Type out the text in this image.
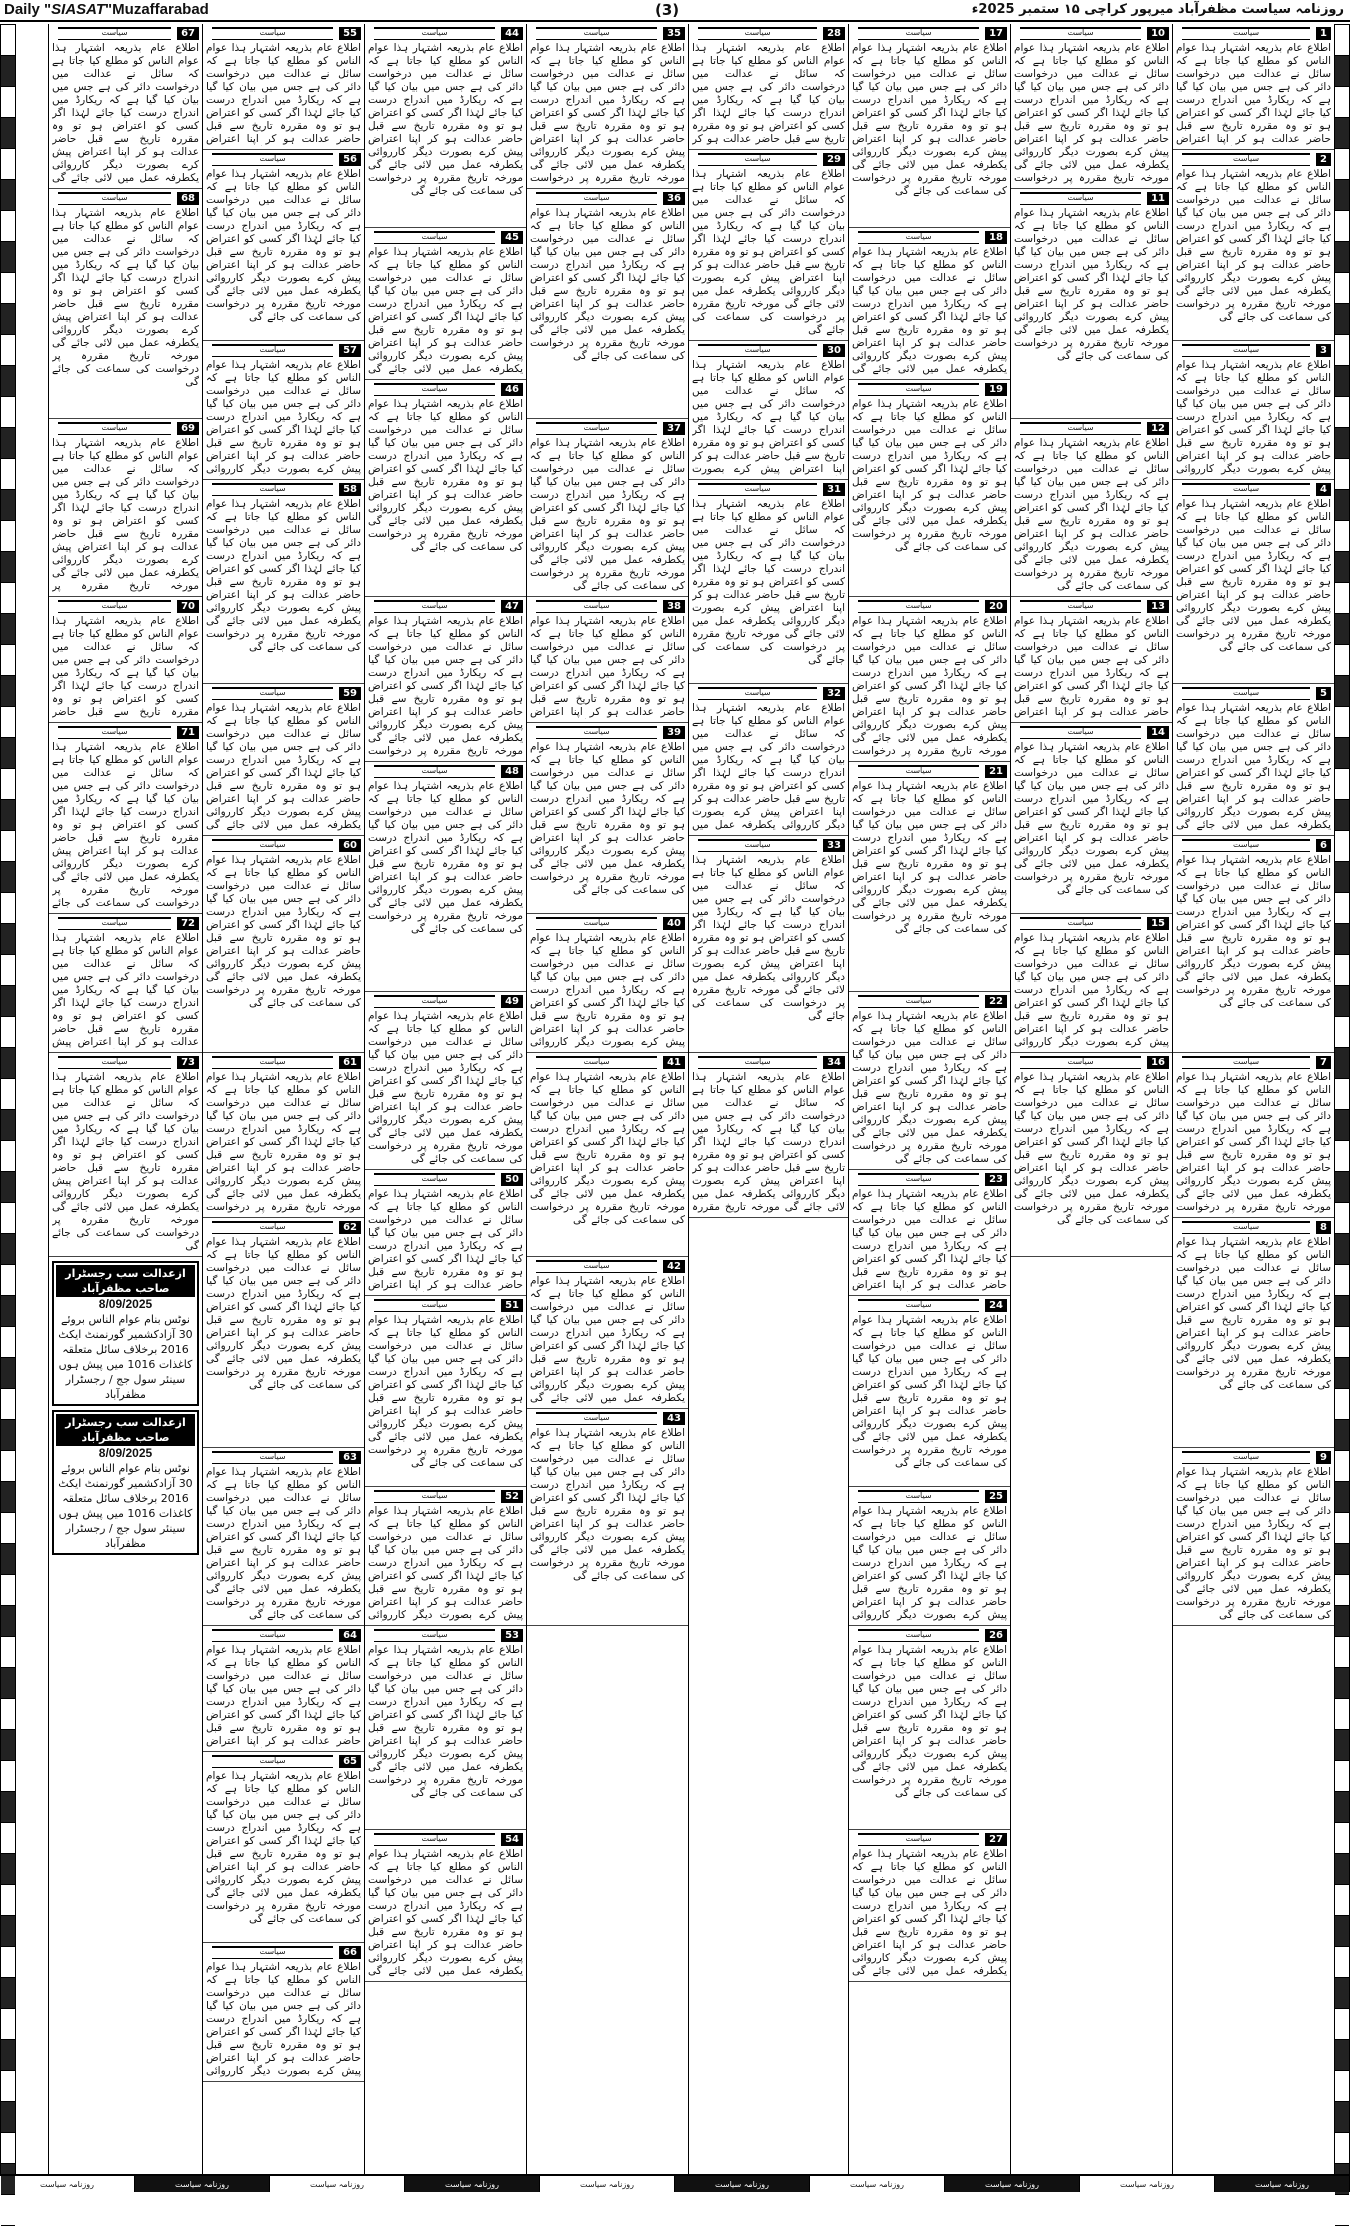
Daily "SIASAT"Muzaffarabad	(3)	روزنامہ سیاست مظفرآباد میرپور کراچی ۱۵ ستمبر 2025ء
1
سیاست
اطلاع عام بذریعہ اشتہار ہذا عوام الناس کو مطلع کیا جاتا ہے کہ سائل نے عدالت میں درخواست دائر کی ہے جس میں بیان کیا گیا ہے کہ ریکارڈ میں اندراج درست کیا جائے لہٰذا اگر کسی کو اعتراض ہو تو وہ مقررہ تاریخ سے قبل حاضر عدالت ہو کر اپنا اعتراض
2
سیاست
اطلاع عام بذریعہ اشتہار ہذا عوام الناس کو مطلع کیا جاتا ہے کہ سائل نے عدالت میں درخواست دائر کی ہے جس میں بیان کیا گیا ہے کہ ریکارڈ میں اندراج درست کیا جائے لہٰذا اگر کسی کو اعتراض ہو تو وہ مقررہ تاریخ سے قبل حاضر عدالت ہو کر اپنا اعتراض پیش کرے بصورت دیگر کارروائی یکطرفہ عمل میں لائی جائے گی مورخہ تاریخ مقررہ پر درخواست کی سماعت کی جائے گی
3
سیاست
اطلاع عام بذریعہ اشتہار ہذا عوام الناس کو مطلع کیا جاتا ہے کہ سائل نے عدالت میں درخواست دائر کی ہے جس میں بیان کیا گیا ہے کہ ریکارڈ میں اندراج درست کیا جائے لہٰذا اگر کسی کو اعتراض ہو تو وہ مقررہ تاریخ سے قبل حاضر عدالت ہو کر اپنا اعتراض پیش کرے بصورت دیگر کارروائی
4
سیاست
اطلاع عام بذریعہ اشتہار ہذا عوام الناس کو مطلع کیا جاتا ہے کہ سائل نے عدالت میں درخواست دائر کی ہے جس میں بیان کیا گیا ہے کہ ریکارڈ میں اندراج درست کیا جائے لہٰذا اگر کسی کو اعتراض ہو تو وہ مقررہ تاریخ سے قبل حاضر عدالت ہو کر اپنا اعتراض پیش کرے بصورت دیگر کارروائی یکطرفہ عمل میں لائی جائے گی مورخہ تاریخ مقررہ پر درخواست کی سماعت کی جائے گی
5
سیاست
اطلاع عام بذریعہ اشتہار ہذا عوام الناس کو مطلع کیا جاتا ہے کہ سائل نے عدالت میں درخواست دائر کی ہے جس میں بیان کیا گیا ہے کہ ریکارڈ میں اندراج درست کیا جائے لہٰذا اگر کسی کو اعتراض ہو تو وہ مقررہ تاریخ سے قبل حاضر عدالت ہو کر اپنا اعتراض پیش کرے بصورت دیگر کارروائی یکطرفہ عمل میں لائی جائے گی
6
سیاست
اطلاع عام بذریعہ اشتہار ہذا عوام الناس کو مطلع کیا جاتا ہے کہ سائل نے عدالت میں درخواست دائر کی ہے جس میں بیان کیا گیا ہے کہ ریکارڈ میں اندراج درست کیا جائے لہٰذا اگر کسی کو اعتراض ہو تو وہ مقررہ تاریخ سے قبل حاضر عدالت ہو کر اپنا اعتراض پیش کرے بصورت دیگر کارروائی یکطرفہ عمل میں لائی جائے گی مورخہ تاریخ مقررہ پر درخواست کی سماعت کی جائے گی
7
سیاست
اطلاع عام بذریعہ اشتہار ہذا عوام الناس کو مطلع کیا جاتا ہے کہ سائل نے عدالت میں درخواست دائر کی ہے جس میں بیان کیا گیا ہے کہ ریکارڈ میں اندراج درست کیا جائے لہٰذا اگر کسی کو اعتراض ہو تو وہ مقررہ تاریخ سے قبل حاضر عدالت ہو کر اپنا اعتراض پیش کرے بصورت دیگر کارروائی یکطرفہ عمل میں لائی جائے گی مورخہ تاریخ مقررہ پر درخواست
8
سیاست
اطلاع عام بذریعہ اشتہار ہذا عوام الناس کو مطلع کیا جاتا ہے کہ سائل نے عدالت میں درخواست دائر کی ہے جس میں بیان کیا گیا ہے کہ ریکارڈ میں اندراج درست کیا جائے لہٰذا اگر کسی کو اعتراض ہو تو وہ مقررہ تاریخ سے قبل حاضر عدالت ہو کر اپنا اعتراض پیش کرے بصورت دیگر کارروائی یکطرفہ عمل میں لائی جائے گی مورخہ تاریخ مقررہ پر درخواست کی سماعت کی جائے گی
9
سیاست
اطلاع عام بذریعہ اشتہار ہذا عوام الناس کو مطلع کیا جاتا ہے کہ سائل نے عدالت میں درخواست دائر کی ہے جس میں بیان کیا گیا ہے کہ ریکارڈ میں اندراج درست کیا جائے لہٰذا اگر کسی کو اعتراض ہو تو وہ مقررہ تاریخ سے قبل حاضر عدالت ہو کر اپنا اعتراض پیش کرے بصورت دیگر کارروائی یکطرفہ عمل میں لائی جائے گی مورخہ تاریخ مقررہ پر درخواست کی سماعت کی جائے گی
10
سیاست
اطلاع عام بذریعہ اشتہار ہذا عوام الناس کو مطلع کیا جاتا ہے کہ سائل نے عدالت میں درخواست دائر کی ہے جس میں بیان کیا گیا ہے کہ ریکارڈ میں اندراج درست کیا جائے لہٰذا اگر کسی کو اعتراض ہو تو وہ مقررہ تاریخ سے قبل حاضر عدالت ہو کر اپنا اعتراض پیش کرے بصورت دیگر کارروائی یکطرفہ عمل میں لائی جائے گی مورخہ تاریخ مقررہ پر درخواست
11
سیاست
اطلاع عام بذریعہ اشتہار ہذا عوام الناس کو مطلع کیا جاتا ہے کہ سائل نے عدالت میں درخواست دائر کی ہے جس میں بیان کیا گیا ہے کہ ریکارڈ میں اندراج درست کیا جائے لہٰذا اگر کسی کو اعتراض ہو تو وہ مقررہ تاریخ سے قبل حاضر عدالت ہو کر اپنا اعتراض پیش کرے بصورت دیگر کارروائی یکطرفہ عمل میں لائی جائے گی مورخہ تاریخ مقررہ پر درخواست کی سماعت کی جائے گی
12
سیاست
اطلاع عام بذریعہ اشتہار ہذا عوام الناس کو مطلع کیا جاتا ہے کہ سائل نے عدالت میں درخواست دائر کی ہے جس میں بیان کیا گیا ہے کہ ریکارڈ میں اندراج درست کیا جائے لہٰذا اگر کسی کو اعتراض ہو تو وہ مقررہ تاریخ سے قبل حاضر عدالت ہو کر اپنا اعتراض پیش کرے بصورت دیگر کارروائی یکطرفہ عمل میں لائی جائے گی مورخہ تاریخ مقررہ پر درخواست کی سماعت کی جائے گی
13
سیاست
اطلاع عام بذریعہ اشتہار ہذا عوام الناس کو مطلع کیا جاتا ہے کہ سائل نے عدالت میں درخواست دائر کی ہے جس میں بیان کیا گیا ہے کہ ریکارڈ میں اندراج درست کیا جائے لہٰذا اگر کسی کو اعتراض ہو تو وہ مقررہ تاریخ سے قبل حاضر عدالت ہو کر اپنا اعتراض
14
سیاست
اطلاع عام بذریعہ اشتہار ہذا عوام الناس کو مطلع کیا جاتا ہے کہ سائل نے عدالت میں درخواست دائر کی ہے جس میں بیان کیا گیا ہے کہ ریکارڈ میں اندراج درست کیا جائے لہٰذا اگر کسی کو اعتراض ہو تو وہ مقررہ تاریخ سے قبل حاضر عدالت ہو کر اپنا اعتراض پیش کرے بصورت دیگر کارروائی یکطرفہ عمل میں لائی جائے گی مورخہ تاریخ مقررہ پر درخواست کی سماعت کی جائے گی
15
سیاست
اطلاع عام بذریعہ اشتہار ہذا عوام الناس کو مطلع کیا جاتا ہے کہ سائل نے عدالت میں درخواست دائر کی ہے جس میں بیان کیا گیا ہے کہ ریکارڈ میں اندراج درست کیا جائے لہٰذا اگر کسی کو اعتراض ہو تو وہ مقررہ تاریخ سے قبل حاضر عدالت ہو کر اپنا اعتراض پیش کرے بصورت دیگر کارروائی
16
سیاست
اطلاع عام بذریعہ اشتہار ہذا عوام الناس کو مطلع کیا جاتا ہے کہ سائل نے عدالت میں درخواست دائر کی ہے جس میں بیان کیا گیا ہے کہ ریکارڈ میں اندراج درست کیا جائے لہٰذا اگر کسی کو اعتراض ہو تو وہ مقررہ تاریخ سے قبل حاضر عدالت ہو کر اپنا اعتراض پیش کرے بصورت دیگر کارروائی یکطرفہ عمل میں لائی جائے گی مورخہ تاریخ مقررہ پر درخواست کی سماعت کی جائے گی
17
سیاست
اطلاع عام بذریعہ اشتہار ہذا عوام الناس کو مطلع کیا جاتا ہے کہ سائل نے عدالت میں درخواست دائر کی ہے جس میں بیان کیا گیا ہے کہ ریکارڈ میں اندراج درست کیا جائے لہٰذا اگر کسی کو اعتراض ہو تو وہ مقررہ تاریخ سے قبل حاضر عدالت ہو کر اپنا اعتراض پیش کرے بصورت دیگر کارروائی یکطرفہ عمل میں لائی جائے گی مورخہ تاریخ مقررہ پر درخواست کی سماعت کی جائے گی
18
سیاست
اطلاع عام بذریعہ اشتہار ہذا عوام الناس کو مطلع کیا جاتا ہے کہ سائل نے عدالت میں درخواست دائر کی ہے جس میں بیان کیا گیا ہے کہ ریکارڈ میں اندراج درست کیا جائے لہٰذا اگر کسی کو اعتراض ہو تو وہ مقررہ تاریخ سے قبل حاضر عدالت ہو کر اپنا اعتراض پیش کرے بصورت دیگر کارروائی یکطرفہ عمل میں لائی جائے گی
19
سیاست
اطلاع عام بذریعہ اشتہار ہذا عوام الناس کو مطلع کیا جاتا ہے کہ سائل نے عدالت میں درخواست دائر کی ہے جس میں بیان کیا گیا ہے کہ ریکارڈ میں اندراج درست کیا جائے لہٰذا اگر کسی کو اعتراض ہو تو وہ مقررہ تاریخ سے قبل حاضر عدالت ہو کر اپنا اعتراض پیش کرے بصورت دیگر کارروائی یکطرفہ عمل میں لائی جائے گی مورخہ تاریخ مقررہ پر درخواست کی سماعت کی جائے گی
20
سیاست
اطلاع عام بذریعہ اشتہار ہذا عوام الناس کو مطلع کیا جاتا ہے کہ سائل نے عدالت میں درخواست دائر کی ہے جس میں بیان کیا گیا ہے کہ ریکارڈ میں اندراج درست کیا جائے لہٰذا اگر کسی کو اعتراض ہو تو وہ مقررہ تاریخ سے قبل حاضر عدالت ہو کر اپنا اعتراض پیش کرے بصورت دیگر کارروائی یکطرفہ عمل میں لائی جائے گی مورخہ تاریخ مقررہ پر درخواست
21
سیاست
اطلاع عام بذریعہ اشتہار ہذا عوام الناس کو مطلع کیا جاتا ہے کہ سائل نے عدالت میں درخواست دائر کی ہے جس میں بیان کیا گیا ہے کہ ریکارڈ میں اندراج درست کیا جائے لہٰذا اگر کسی کو اعتراض ہو تو وہ مقررہ تاریخ سے قبل حاضر عدالت ہو کر اپنا اعتراض پیش کرے بصورت دیگر کارروائی یکطرفہ عمل میں لائی جائے گی مورخہ تاریخ مقررہ پر درخواست کی سماعت کی جائے گی
22
سیاست
اطلاع عام بذریعہ اشتہار ہذا عوام الناس کو مطلع کیا جاتا ہے کہ سائل نے عدالت میں درخواست دائر کی ہے جس میں بیان کیا گیا ہے کہ ریکارڈ میں اندراج درست کیا جائے لہٰذا اگر کسی کو اعتراض ہو تو وہ مقررہ تاریخ سے قبل حاضر عدالت ہو کر اپنا اعتراض پیش کرے بصورت دیگر کارروائی یکطرفہ عمل میں لائی جائے گی مورخہ تاریخ مقررہ پر درخواست کی سماعت کی جائے گی
23
سیاست
اطلاع عام بذریعہ اشتہار ہذا عوام الناس کو مطلع کیا جاتا ہے کہ سائل نے عدالت میں درخواست دائر کی ہے جس میں بیان کیا گیا ہے کہ ریکارڈ میں اندراج درست کیا جائے لہٰذا اگر کسی کو اعتراض ہو تو وہ مقررہ تاریخ سے قبل حاضر عدالت ہو کر اپنا اعتراض
24
سیاست
اطلاع عام بذریعہ اشتہار ہذا عوام الناس کو مطلع کیا جاتا ہے کہ سائل نے عدالت میں درخواست دائر کی ہے جس میں بیان کیا گیا ہے کہ ریکارڈ میں اندراج درست کیا جائے لہٰذا اگر کسی کو اعتراض ہو تو وہ مقررہ تاریخ سے قبل حاضر عدالت ہو کر اپنا اعتراض پیش کرے بصورت دیگر کارروائی یکطرفہ عمل میں لائی جائے گی مورخہ تاریخ مقررہ پر درخواست کی سماعت کی جائے گی
25
سیاست
اطلاع عام بذریعہ اشتہار ہذا عوام الناس کو مطلع کیا جاتا ہے کہ سائل نے عدالت میں درخواست دائر کی ہے جس میں بیان کیا گیا ہے کہ ریکارڈ میں اندراج درست کیا جائے لہٰذا اگر کسی کو اعتراض ہو تو وہ مقررہ تاریخ سے قبل حاضر عدالت ہو کر اپنا اعتراض پیش کرے بصورت دیگر کارروائی
26
سیاست
اطلاع عام بذریعہ اشتہار ہذا عوام الناس کو مطلع کیا جاتا ہے کہ سائل نے عدالت میں درخواست دائر کی ہے جس میں بیان کیا گیا ہے کہ ریکارڈ میں اندراج درست کیا جائے لہٰذا اگر کسی کو اعتراض ہو تو وہ مقررہ تاریخ سے قبل حاضر عدالت ہو کر اپنا اعتراض پیش کرے بصورت دیگر کارروائی یکطرفہ عمل میں لائی جائے گی مورخہ تاریخ مقررہ پر درخواست کی سماعت کی جائے گی
27
سیاست
اطلاع عام بذریعہ اشتہار ہذا عوام الناس کو مطلع کیا جاتا ہے کہ سائل نے عدالت میں درخواست دائر کی ہے جس میں بیان کیا گیا ہے کہ ریکارڈ میں اندراج درست کیا جائے لہٰذا اگر کسی کو اعتراض ہو تو وہ مقررہ تاریخ سے قبل حاضر عدالت ہو کر اپنا اعتراض پیش کرے بصورت دیگر کارروائی یکطرفہ عمل میں لائی جائے گی
28
سیاست
اطلاع عام بذریعہ اشتہار ہذا عوام الناس کو مطلع کیا جاتا ہے کہ سائل نے عدالت میں درخواست دائر کی ہے جس میں بیان کیا گیا ہے کہ ریکارڈ میں اندراج درست کیا جائے لہٰذا اگر کسی کو اعتراض ہو تو وہ مقررہ تاریخ سے قبل حاضر عدالت ہو کر
29
سیاست
اطلاع عام بذریعہ اشتہار ہذا عوام الناس کو مطلع کیا جاتا ہے کہ سائل نے عدالت میں درخواست دائر کی ہے جس میں بیان کیا گیا ہے کہ ریکارڈ میں اندراج درست کیا جائے لہٰذا اگر کسی کو اعتراض ہو تو وہ مقررہ تاریخ سے قبل حاضر عدالت ہو کر اپنا اعتراض پیش کرے بصورت دیگر کارروائی یکطرفہ عمل میں لائی جائے گی مورخہ تاریخ مقررہ پر درخواست کی سماعت کی جائے گی
30
سیاست
اطلاع عام بذریعہ اشتہار ہذا عوام الناس کو مطلع کیا جاتا ہے کہ سائل نے عدالت میں درخواست دائر کی ہے جس میں بیان کیا گیا ہے کہ ریکارڈ میں اندراج درست کیا جائے لہٰذا اگر کسی کو اعتراض ہو تو وہ مقررہ تاریخ سے قبل حاضر عدالت ہو کر اپنا اعتراض پیش کرے بصورت
31
سیاست
اطلاع عام بذریعہ اشتہار ہذا عوام الناس کو مطلع کیا جاتا ہے کہ سائل نے عدالت میں درخواست دائر کی ہے جس میں بیان کیا گیا ہے کہ ریکارڈ میں اندراج درست کیا جائے لہٰذا اگر کسی کو اعتراض ہو تو وہ مقررہ تاریخ سے قبل حاضر عدالت ہو کر اپنا اعتراض پیش کرے بصورت دیگر کارروائی یکطرفہ عمل میں لائی جائے گی مورخہ تاریخ مقررہ پر درخواست کی سماعت کی جائے گی
32
سیاست
اطلاع عام بذریعہ اشتہار ہذا عوام الناس کو مطلع کیا جاتا ہے کہ سائل نے عدالت میں درخواست دائر کی ہے جس میں بیان کیا گیا ہے کہ ریکارڈ میں اندراج درست کیا جائے لہٰذا اگر کسی کو اعتراض ہو تو وہ مقررہ تاریخ سے قبل حاضر عدالت ہو کر اپنا اعتراض پیش کرے بصورت دیگر کارروائی یکطرفہ عمل میں
33
سیاست
اطلاع عام بذریعہ اشتہار ہذا عوام الناس کو مطلع کیا جاتا ہے کہ سائل نے عدالت میں درخواست دائر کی ہے جس میں بیان کیا گیا ہے کہ ریکارڈ میں اندراج درست کیا جائے لہٰذا اگر کسی کو اعتراض ہو تو وہ مقررہ تاریخ سے قبل حاضر عدالت ہو کر اپنا اعتراض پیش کرے بصورت دیگر کارروائی یکطرفہ عمل میں لائی جائے گی مورخہ تاریخ مقررہ پر درخواست کی سماعت کی جائے گی
34
سیاست
اطلاع عام بذریعہ اشتہار ہذا عوام الناس کو مطلع کیا جاتا ہے کہ سائل نے عدالت میں درخواست دائر کی ہے جس میں بیان کیا گیا ہے کہ ریکارڈ میں اندراج درست کیا جائے لہٰذا اگر کسی کو اعتراض ہو تو وہ مقررہ تاریخ سے قبل حاضر عدالت ہو کر اپنا اعتراض پیش کرے بصورت دیگر کارروائی یکطرفہ عمل میں لائی جائے گی مورخہ تاریخ مقررہ
35
سیاست
اطلاع عام بذریعہ اشتہار ہذا عوام الناس کو مطلع کیا جاتا ہے کہ سائل نے عدالت میں درخواست دائر کی ہے جس میں بیان کیا گیا ہے کہ ریکارڈ میں اندراج درست کیا جائے لہٰذا اگر کسی کو اعتراض ہو تو وہ مقررہ تاریخ سے قبل حاضر عدالت ہو کر اپنا اعتراض پیش کرے بصورت دیگر کارروائی یکطرفہ عمل میں لائی جائے گی مورخہ تاریخ مقررہ پر درخواست
36
سیاست
اطلاع عام بذریعہ اشتہار ہذا عوام الناس کو مطلع کیا جاتا ہے کہ سائل نے عدالت میں درخواست دائر کی ہے جس میں بیان کیا گیا ہے کہ ریکارڈ میں اندراج درست کیا جائے لہٰذا اگر کسی کو اعتراض ہو تو وہ مقررہ تاریخ سے قبل حاضر عدالت ہو کر اپنا اعتراض پیش کرے بصورت دیگر کارروائی یکطرفہ عمل میں لائی جائے گی مورخہ تاریخ مقررہ پر درخواست کی سماعت کی جائے گی
37
سیاست
اطلاع عام بذریعہ اشتہار ہذا عوام الناس کو مطلع کیا جاتا ہے کہ سائل نے عدالت میں درخواست دائر کی ہے جس میں بیان کیا گیا ہے کہ ریکارڈ میں اندراج درست کیا جائے لہٰذا اگر کسی کو اعتراض ہو تو وہ مقررہ تاریخ سے قبل حاضر عدالت ہو کر اپنا اعتراض پیش کرے بصورت دیگر کارروائی یکطرفہ عمل میں لائی جائے گی مورخہ تاریخ مقررہ پر درخواست کی سماعت کی جائے گی
38
سیاست
اطلاع عام بذریعہ اشتہار ہذا عوام الناس کو مطلع کیا جاتا ہے کہ سائل نے عدالت میں درخواست دائر کی ہے جس میں بیان کیا گیا ہے کہ ریکارڈ میں اندراج درست کیا جائے لہٰذا اگر کسی کو اعتراض ہو تو وہ مقررہ تاریخ سے قبل حاضر عدالت ہو کر اپنا اعتراض
39
سیاست
اطلاع عام بذریعہ اشتہار ہذا عوام الناس کو مطلع کیا جاتا ہے کہ سائل نے عدالت میں درخواست دائر کی ہے جس میں بیان کیا گیا ہے کہ ریکارڈ میں اندراج درست کیا جائے لہٰذا اگر کسی کو اعتراض ہو تو وہ مقررہ تاریخ سے قبل حاضر عدالت ہو کر اپنا اعتراض پیش کرے بصورت دیگر کارروائی یکطرفہ عمل میں لائی جائے گی مورخہ تاریخ مقررہ پر درخواست کی سماعت کی جائے گی
40
سیاست
اطلاع عام بذریعہ اشتہار ہذا عوام الناس کو مطلع کیا جاتا ہے کہ سائل نے عدالت میں درخواست دائر کی ہے جس میں بیان کیا گیا ہے کہ ریکارڈ میں اندراج درست کیا جائے لہٰذا اگر کسی کو اعتراض ہو تو وہ مقررہ تاریخ سے قبل حاضر عدالت ہو کر اپنا اعتراض پیش کرے بصورت دیگر کارروائی
41
سیاست
اطلاع عام بذریعہ اشتہار ہذا عوام الناس کو مطلع کیا جاتا ہے کہ سائل نے عدالت میں درخواست دائر کی ہے جس میں بیان کیا گیا ہے کہ ریکارڈ میں اندراج درست کیا جائے لہٰذا اگر کسی کو اعتراض ہو تو وہ مقررہ تاریخ سے قبل حاضر عدالت ہو کر اپنا اعتراض پیش کرے بصورت دیگر کارروائی یکطرفہ عمل میں لائی جائے گی مورخہ تاریخ مقررہ پر درخواست کی سماعت کی جائے گی
42
سیاست
اطلاع عام بذریعہ اشتہار ہذا عوام الناس کو مطلع کیا جاتا ہے کہ سائل نے عدالت میں درخواست دائر کی ہے جس میں بیان کیا گیا ہے کہ ریکارڈ میں اندراج درست کیا جائے لہٰذا اگر کسی کو اعتراض ہو تو وہ مقررہ تاریخ سے قبل حاضر عدالت ہو کر اپنا اعتراض پیش کرے بصورت دیگر کارروائی یکطرفہ عمل میں لائی جائے گی
43
سیاست
اطلاع عام بذریعہ اشتہار ہذا عوام الناس کو مطلع کیا جاتا ہے کہ سائل نے عدالت میں درخواست دائر کی ہے جس میں بیان کیا گیا ہے کہ ریکارڈ میں اندراج درست کیا جائے لہٰذا اگر کسی کو اعتراض ہو تو وہ مقررہ تاریخ سے قبل حاضر عدالت ہو کر اپنا اعتراض پیش کرے بصورت دیگر کارروائی یکطرفہ عمل میں لائی جائے گی مورخہ تاریخ مقررہ پر درخواست کی سماعت کی جائے گی
44
سیاست
اطلاع عام بذریعہ اشتہار ہذا عوام الناس کو مطلع کیا جاتا ہے کہ سائل نے عدالت میں درخواست دائر کی ہے جس میں بیان کیا گیا ہے کہ ریکارڈ میں اندراج درست کیا جائے لہٰذا اگر کسی کو اعتراض ہو تو وہ مقررہ تاریخ سے قبل حاضر عدالت ہو کر اپنا اعتراض پیش کرے بصورت دیگر کارروائی یکطرفہ عمل میں لائی جائے گی مورخہ تاریخ مقررہ پر درخواست کی سماعت کی جائے گی
45
سیاست
اطلاع عام بذریعہ اشتہار ہذا عوام الناس کو مطلع کیا جاتا ہے کہ سائل نے عدالت میں درخواست دائر کی ہے جس میں بیان کیا گیا ہے کہ ریکارڈ میں اندراج درست کیا جائے لہٰذا اگر کسی کو اعتراض ہو تو وہ مقررہ تاریخ سے قبل حاضر عدالت ہو کر اپنا اعتراض پیش کرے بصورت دیگر کارروائی یکطرفہ عمل میں لائی جائے گی
46
سیاست
اطلاع عام بذریعہ اشتہار ہذا عوام الناس کو مطلع کیا جاتا ہے کہ سائل نے عدالت میں درخواست دائر کی ہے جس میں بیان کیا گیا ہے کہ ریکارڈ میں اندراج درست کیا جائے لہٰذا اگر کسی کو اعتراض ہو تو وہ مقررہ تاریخ سے قبل حاضر عدالت ہو کر اپنا اعتراض پیش کرے بصورت دیگر کارروائی یکطرفہ عمل میں لائی جائے گی مورخہ تاریخ مقررہ پر درخواست کی سماعت کی جائے گی
47
سیاست
اطلاع عام بذریعہ اشتہار ہذا عوام الناس کو مطلع کیا جاتا ہے کہ سائل نے عدالت میں درخواست دائر کی ہے جس میں بیان کیا گیا ہے کہ ریکارڈ میں اندراج درست کیا جائے لہٰذا اگر کسی کو اعتراض ہو تو وہ مقررہ تاریخ سے قبل حاضر عدالت ہو کر اپنا اعتراض پیش کرے بصورت دیگر کارروائی یکطرفہ عمل میں لائی جائے گی مورخہ تاریخ مقررہ پر درخواست
48
سیاست
اطلاع عام بذریعہ اشتہار ہذا عوام الناس کو مطلع کیا جاتا ہے کہ سائل نے عدالت میں درخواست دائر کی ہے جس میں بیان کیا گیا ہے کہ ریکارڈ میں اندراج درست کیا جائے لہٰذا اگر کسی کو اعتراض ہو تو وہ مقررہ تاریخ سے قبل حاضر عدالت ہو کر اپنا اعتراض پیش کرے بصورت دیگر کارروائی یکطرفہ عمل میں لائی جائے گی مورخہ تاریخ مقررہ پر درخواست کی سماعت کی جائے گی
49
سیاست
اطلاع عام بذریعہ اشتہار ہذا عوام الناس کو مطلع کیا جاتا ہے کہ سائل نے عدالت میں درخواست دائر کی ہے جس میں بیان کیا گیا ہے کہ ریکارڈ میں اندراج درست کیا جائے لہٰذا اگر کسی کو اعتراض ہو تو وہ مقررہ تاریخ سے قبل حاضر عدالت ہو کر اپنا اعتراض پیش کرے بصورت دیگر کارروائی یکطرفہ عمل میں لائی جائے گی مورخہ تاریخ مقررہ پر درخواست کی سماعت کی جائے گی
50
سیاست
اطلاع عام بذریعہ اشتہار ہذا عوام الناس کو مطلع کیا جاتا ہے کہ سائل نے عدالت میں درخواست دائر کی ہے جس میں بیان کیا گیا ہے کہ ریکارڈ میں اندراج درست کیا جائے لہٰذا اگر کسی کو اعتراض ہو تو وہ مقررہ تاریخ سے قبل حاضر عدالت ہو کر اپنا اعتراض
51
سیاست
اطلاع عام بذریعہ اشتہار ہذا عوام الناس کو مطلع کیا جاتا ہے کہ سائل نے عدالت میں درخواست دائر کی ہے جس میں بیان کیا گیا ہے کہ ریکارڈ میں اندراج درست کیا جائے لہٰذا اگر کسی کو اعتراض ہو تو وہ مقررہ تاریخ سے قبل حاضر عدالت ہو کر اپنا اعتراض پیش کرے بصورت دیگر کارروائی یکطرفہ عمل میں لائی جائے گی مورخہ تاریخ مقررہ پر درخواست کی سماعت کی جائے گی
52
سیاست
اطلاع عام بذریعہ اشتہار ہذا عوام الناس کو مطلع کیا جاتا ہے کہ سائل نے عدالت میں درخواست دائر کی ہے جس میں بیان کیا گیا ہے کہ ریکارڈ میں اندراج درست کیا جائے لہٰذا اگر کسی کو اعتراض ہو تو وہ مقررہ تاریخ سے قبل حاضر عدالت ہو کر اپنا اعتراض پیش کرے بصورت دیگر کارروائی
53
سیاست
اطلاع عام بذریعہ اشتہار ہذا عوام الناس کو مطلع کیا جاتا ہے کہ سائل نے عدالت میں درخواست دائر کی ہے جس میں بیان کیا گیا ہے کہ ریکارڈ میں اندراج درست کیا جائے لہٰذا اگر کسی کو اعتراض ہو تو وہ مقررہ تاریخ سے قبل حاضر عدالت ہو کر اپنا اعتراض پیش کرے بصورت دیگر کارروائی یکطرفہ عمل میں لائی جائے گی مورخہ تاریخ مقررہ پر درخواست کی سماعت کی جائے گی
54
سیاست
اطلاع عام بذریعہ اشتہار ہذا عوام الناس کو مطلع کیا جاتا ہے کہ سائل نے عدالت میں درخواست دائر کی ہے جس میں بیان کیا گیا ہے کہ ریکارڈ میں اندراج درست کیا جائے لہٰذا اگر کسی کو اعتراض ہو تو وہ مقررہ تاریخ سے قبل حاضر عدالت ہو کر اپنا اعتراض پیش کرے بصورت دیگر کارروائی یکطرفہ عمل میں لائی جائے گی
55
سیاست
اطلاع عام بذریعہ اشتہار ہذا عوام الناس کو مطلع کیا جاتا ہے کہ سائل نے عدالت میں درخواست دائر کی ہے جس میں بیان کیا گیا ہے کہ ریکارڈ میں اندراج درست کیا جائے لہٰذا اگر کسی کو اعتراض ہو تو وہ مقررہ تاریخ سے قبل حاضر عدالت ہو کر اپنا اعتراض
56
سیاست
اطلاع عام بذریعہ اشتہار ہذا عوام الناس کو مطلع کیا جاتا ہے کہ سائل نے عدالت میں درخواست دائر کی ہے جس میں بیان کیا گیا ہے کہ ریکارڈ میں اندراج درست کیا جائے لہٰذا اگر کسی کو اعتراض ہو تو وہ مقررہ تاریخ سے قبل حاضر عدالت ہو کر اپنا اعتراض پیش کرے بصورت دیگر کارروائی یکطرفہ عمل میں لائی جائے گی مورخہ تاریخ مقررہ پر درخواست کی سماعت کی جائے گی
57
سیاست
اطلاع عام بذریعہ اشتہار ہذا عوام الناس کو مطلع کیا جاتا ہے کہ سائل نے عدالت میں درخواست دائر کی ہے جس میں بیان کیا گیا ہے کہ ریکارڈ میں اندراج درست کیا جائے لہٰذا اگر کسی کو اعتراض ہو تو وہ مقررہ تاریخ سے قبل حاضر عدالت ہو کر اپنا اعتراض پیش کرے بصورت دیگر کارروائی
58
سیاست
اطلاع عام بذریعہ اشتہار ہذا عوام الناس کو مطلع کیا جاتا ہے کہ سائل نے عدالت میں درخواست دائر کی ہے جس میں بیان کیا گیا ہے کہ ریکارڈ میں اندراج درست کیا جائے لہٰذا اگر کسی کو اعتراض ہو تو وہ مقررہ تاریخ سے قبل حاضر عدالت ہو کر اپنا اعتراض پیش کرے بصورت دیگر کارروائی یکطرفہ عمل میں لائی جائے گی مورخہ تاریخ مقررہ پر درخواست کی سماعت کی جائے گی
59
سیاست
اطلاع عام بذریعہ اشتہار ہذا عوام الناس کو مطلع کیا جاتا ہے کہ سائل نے عدالت میں درخواست دائر کی ہے جس میں بیان کیا گیا ہے کہ ریکارڈ میں اندراج درست کیا جائے لہٰذا اگر کسی کو اعتراض ہو تو وہ مقررہ تاریخ سے قبل حاضر عدالت ہو کر اپنا اعتراض پیش کرے بصورت دیگر کارروائی یکطرفہ عمل میں لائی جائے گی
60
سیاست
اطلاع عام بذریعہ اشتہار ہذا عوام الناس کو مطلع کیا جاتا ہے کہ سائل نے عدالت میں درخواست دائر کی ہے جس میں بیان کیا گیا ہے کہ ریکارڈ میں اندراج درست کیا جائے لہٰذا اگر کسی کو اعتراض ہو تو وہ مقررہ تاریخ سے قبل حاضر عدالت ہو کر اپنا اعتراض پیش کرے بصورت دیگر کارروائی یکطرفہ عمل میں لائی جائے گی مورخہ تاریخ مقررہ پر درخواست کی سماعت کی جائے گی
61
سیاست
اطلاع عام بذریعہ اشتہار ہذا عوام الناس کو مطلع کیا جاتا ہے کہ سائل نے عدالت میں درخواست دائر کی ہے جس میں بیان کیا گیا ہے کہ ریکارڈ میں اندراج درست کیا جائے لہٰذا اگر کسی کو اعتراض ہو تو وہ مقررہ تاریخ سے قبل حاضر عدالت ہو کر اپنا اعتراض پیش کرے بصورت دیگر کارروائی یکطرفہ عمل میں لائی جائے گی مورخہ تاریخ مقررہ پر درخواست
62
سیاست
اطلاع عام بذریعہ اشتہار ہذا عوام الناس کو مطلع کیا جاتا ہے کہ سائل نے عدالت میں درخواست دائر کی ہے جس میں بیان کیا گیا ہے کہ ریکارڈ میں اندراج درست کیا جائے لہٰذا اگر کسی کو اعتراض ہو تو وہ مقررہ تاریخ سے قبل حاضر عدالت ہو کر اپنا اعتراض پیش کرے بصورت دیگر کارروائی یکطرفہ عمل میں لائی جائے گی مورخہ تاریخ مقررہ پر درخواست کی سماعت کی جائے گی
63
سیاست
اطلاع عام بذریعہ اشتہار ہذا عوام الناس کو مطلع کیا جاتا ہے کہ سائل نے عدالت میں درخواست دائر کی ہے جس میں بیان کیا گیا ہے کہ ریکارڈ میں اندراج درست کیا جائے لہٰذا اگر کسی کو اعتراض ہو تو وہ مقررہ تاریخ سے قبل حاضر عدالت ہو کر اپنا اعتراض پیش کرے بصورت دیگر کارروائی یکطرفہ عمل میں لائی جائے گی مورخہ تاریخ مقررہ پر درخواست کی سماعت کی جائے گی
64
سیاست
اطلاع عام بذریعہ اشتہار ہذا عوام الناس کو مطلع کیا جاتا ہے کہ سائل نے عدالت میں درخواست دائر کی ہے جس میں بیان کیا گیا ہے کہ ریکارڈ میں اندراج درست کیا جائے لہٰذا اگر کسی کو اعتراض ہو تو وہ مقررہ تاریخ سے قبل حاضر عدالت ہو کر اپنا اعتراض
65
سیاست
اطلاع عام بذریعہ اشتہار ہذا عوام الناس کو مطلع کیا جاتا ہے کہ سائل نے عدالت میں درخواست دائر کی ہے جس میں بیان کیا گیا ہے کہ ریکارڈ میں اندراج درست کیا جائے لہٰذا اگر کسی کو اعتراض ہو تو وہ مقررہ تاریخ سے قبل حاضر عدالت ہو کر اپنا اعتراض پیش کرے بصورت دیگر کارروائی یکطرفہ عمل میں لائی جائے گی مورخہ تاریخ مقررہ پر درخواست کی سماعت کی جائے گی
66
سیاست
اطلاع عام بذریعہ اشتہار ہذا عوام الناس کو مطلع کیا جاتا ہے کہ سائل نے عدالت میں درخواست دائر کی ہے جس میں بیان کیا گیا ہے کہ ریکارڈ میں اندراج درست کیا جائے لہٰذا اگر کسی کو اعتراض ہو تو وہ مقررہ تاریخ سے قبل حاضر عدالت ہو کر اپنا اعتراض پیش کرے بصورت دیگر کارروائی
67
سیاست
اطلاع عام بذریعہ اشتہار ہذا عوام الناس کو مطلع کیا جاتا ہے کہ سائل نے عدالت میں درخواست دائر کی ہے جس میں بیان کیا گیا ہے کہ ریکارڈ میں اندراج درست کیا جائے لہٰذا اگر کسی کو اعتراض ہو تو وہ مقررہ تاریخ سے قبل حاضر عدالت ہو کر اپنا اعتراض پیش کرے بصورت دیگر کارروائی یکطرفہ عمل میں لائی جائے گی
68
سیاست
اطلاع عام بذریعہ اشتہار ہذا عوام الناس کو مطلع کیا جاتا ہے کہ سائل نے عدالت میں درخواست دائر کی ہے جس میں بیان کیا گیا ہے کہ ریکارڈ میں اندراج درست کیا جائے لہٰذا اگر کسی کو اعتراض ہو تو وہ مقررہ تاریخ سے قبل حاضر عدالت ہو کر اپنا اعتراض پیش کرے بصورت دیگر کارروائی یکطرفہ عمل میں لائی جائے گی مورخہ تاریخ مقررہ پر درخواست کی سماعت کی جائے گی
69
سیاست
اطلاع عام بذریعہ اشتہار ہذا عوام الناس کو مطلع کیا جاتا ہے کہ سائل نے عدالت میں درخواست دائر کی ہے جس میں بیان کیا گیا ہے کہ ریکارڈ میں اندراج درست کیا جائے لہٰذا اگر کسی کو اعتراض ہو تو وہ مقررہ تاریخ سے قبل حاضر عدالت ہو کر اپنا اعتراض پیش کرے بصورت دیگر کارروائی یکطرفہ عمل میں لائی جائے گی مورخہ تاریخ مقررہ پر
70
سیاست
اطلاع عام بذریعہ اشتہار ہذا عوام الناس کو مطلع کیا جاتا ہے کہ سائل نے عدالت میں درخواست دائر کی ہے جس میں بیان کیا گیا ہے کہ ریکارڈ میں اندراج درست کیا جائے لہٰذا اگر کسی کو اعتراض ہو تو وہ مقررہ تاریخ سے قبل حاضر
71
سیاست
اطلاع عام بذریعہ اشتہار ہذا عوام الناس کو مطلع کیا جاتا ہے کہ سائل نے عدالت میں درخواست دائر کی ہے جس میں بیان کیا گیا ہے کہ ریکارڈ میں اندراج درست کیا جائے لہٰذا اگر کسی کو اعتراض ہو تو وہ مقررہ تاریخ سے قبل حاضر عدالت ہو کر اپنا اعتراض پیش کرے بصورت دیگر کارروائی یکطرفہ عمل میں لائی جائے گی مورخہ تاریخ مقررہ پر درخواست کی سماعت کی جائے
72
سیاست
اطلاع عام بذریعہ اشتہار ہذا عوام الناس کو مطلع کیا جاتا ہے کہ سائل نے عدالت میں درخواست دائر کی ہے جس میں بیان کیا گیا ہے کہ ریکارڈ میں اندراج درست کیا جائے لہٰذا اگر کسی کو اعتراض ہو تو وہ مقررہ تاریخ سے قبل حاضر عدالت ہو کر اپنا اعتراض پیش
73
سیاست
اطلاع عام بذریعہ اشتہار ہذا عوام الناس کو مطلع کیا جاتا ہے کہ سائل نے عدالت میں درخواست دائر کی ہے جس میں بیان کیا گیا ہے کہ ریکارڈ میں اندراج درست کیا جائے لہٰذا اگر کسی کو اعتراض ہو تو وہ مقررہ تاریخ سے قبل حاضر عدالت ہو کر اپنا اعتراض پیش کرے بصورت دیگر کارروائی یکطرفہ عمل میں لائی جائے گی مورخہ تاریخ مقررہ پر درخواست کی سماعت کی جائے گی
ازعدالت سب رجسٹرار صاحب مظفرآباد
8/09/2025
نوٹس بنام عوام الناس بروئے 30 آزادکشمیر گورنمنٹ ایکٹ 2016 برخلاف سائل متعلقہ کاغذات 1016 میں پیش ہوں
سینئر سول جج / رجسٹرار مظفرآباد
ازعدالت سب رجسٹرار صاحب مظفرآباد
8/09/2025
نوٹس بنام عوام الناس بروئے 30 آزادکشمیر گورنمنٹ ایکٹ 2016 برخلاف سائل متعلقہ کاغذات 1016 میں پیش ہوں
سینئر سول جج / رجسٹرار مظفرآباد
روزنامہ سیاست	روزنامہ سیاست	روزنامہ سیاست	روزنامہ سیاست	روزنامہ سیاست	روزنامہ سیاست	روزنامہ سیاست	روزنامہ سیاست	روزنامہ سیاست	روزنامہ سیاست
